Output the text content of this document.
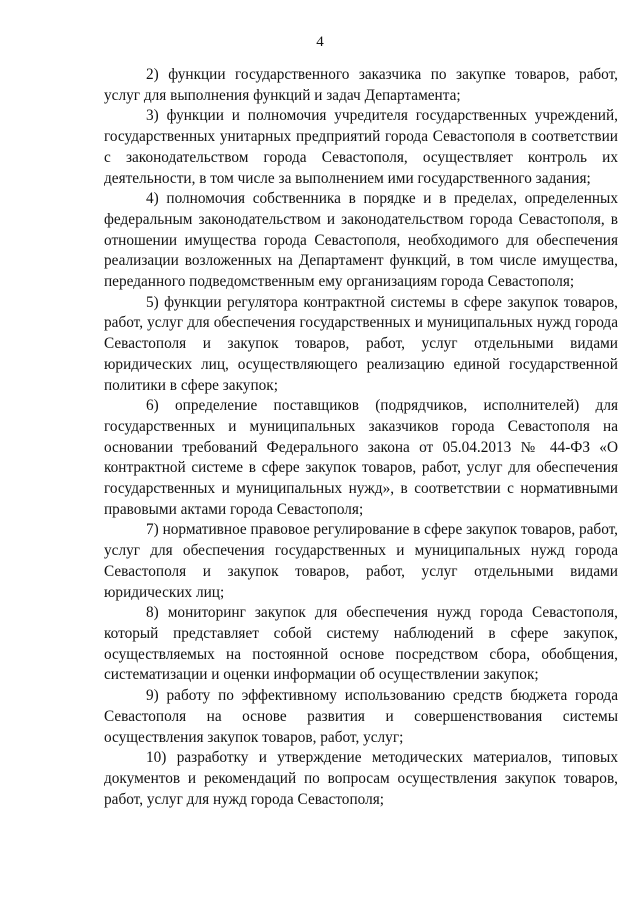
4

2) функции государственного заказчика по закупке товаров, работ, услуг для выполнения функций и задач Департамента;

3) функции и полномочия учредителя государственных учреждений, государственных унитарных предприятий города Севастополя в соответствии с законодательством города Севастополя, осуществляет контроль их деятельности, в том числе за выполнением ими государственного задания;

4) полномочия собственника в порядке и в пределах, определенных федеральным законодательством и законодательством города Севастополя, в отношении имущества города Севастополя, необходимого для обеспечения реализации возложенных на Департамент функций, в том числе имущества, переданного подведомственным ему организациям города Севастополя;

5) функции регулятора контрактной системы в сфере закупок товаров, работ, услуг для обеспечения государственных и муниципальных нужд города Севастополя и закупок товаров, работ, услуг отдельными видами юридических лиц, осуществляющего реализацию единой государственной политики в сфере закупок;

6) определение поставщиков (подрядчиков, исполнителей) для государственных и муниципальных заказчиков города Севастополя на основании требований Федерального закона от 05.04.2013 № 44-ФЗ «О контрактной системе в сфере закупок товаров, работ, услуг для обеспечения государственных и муниципальных нужд», в соответствии с нормативными правовыми актами города Севастополя;

7) нормативное правовое регулирование в сфере закупок товаров, работ, услуг для обеспечения государственных и муниципальных нужд города Севастополя и закупок товаров, работ, услуг отдельными видами юридических лиц;

8) мониторинг закупок для обеспечения нужд города Севастополя, который представляет собой систему наблюдений в сфере закупок, осуществляемых на постоянной основе посредством сбора, обобщения, систематизации и оценки информации об осуществлении закупок;

9) работу по эффективному использованию средств бюджета города Севастополя на основе развития и совершенствования системы осуществления закупок товаров, работ, услуг;

10) разработку и утверждение методических материалов, типовых документов и рекомендаций по вопросам осуществления закупок товаров, работ, услуг для нужд города Севастополя;
